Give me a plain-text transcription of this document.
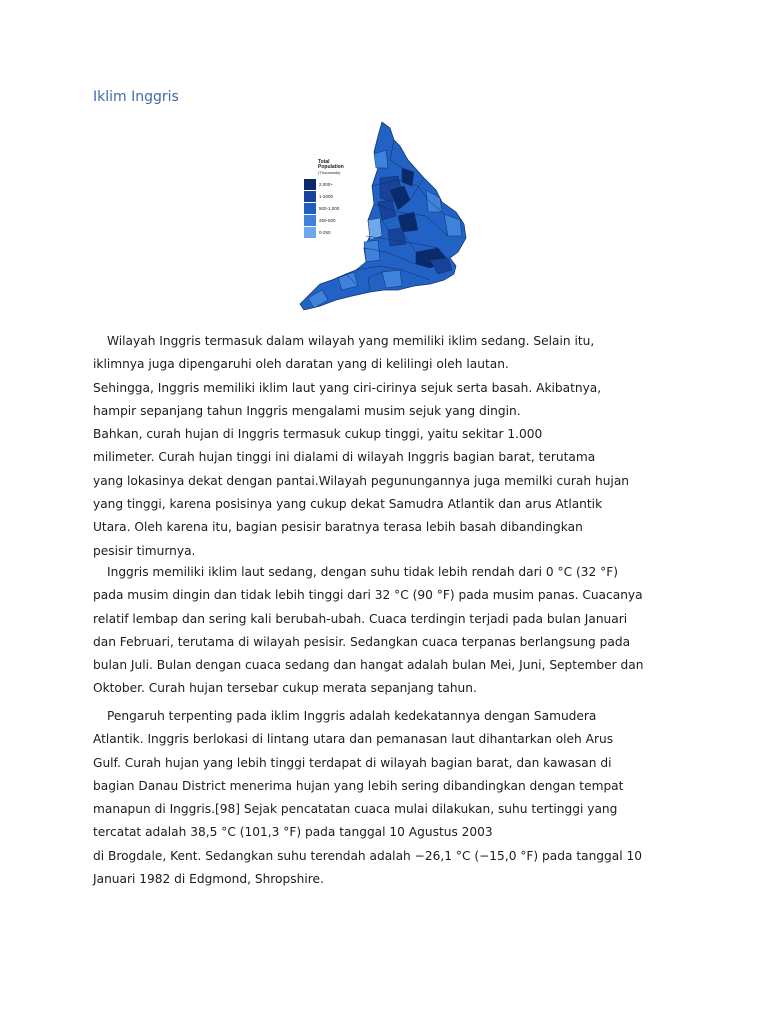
Iklim Inggris
Total Population
(Thousands)
2,000+
1-2000
500-1,000
250-500
0-250

Wilayah Inggris termasuk dalam wilayah yang memiliki iklim sedang. Selain itu,

iklimnya juga dipengaruhi oleh daratan yang di kelilingi oleh lautan.

Sehingga, Inggris memiliki iklim laut yang ciri-cirinya sejuk serta basah. Akibatnya,

hampir sepanjang tahun Inggris mengalami musim sejuk yang dingin.

Bahkan, curah hujan di Inggris termasuk cukup tinggi, yaitu sekitar 1.000

milimeter. Curah hujan tinggi ini dialami di wilayah Inggris bagian barat, terutama

yang lokasinya dekat dengan pantai.Wilayah pegunungannya juga memilki curah hujan

yang tinggi, karena posisinya yang cukup dekat Samudra Atlantik dan arus Atlantik

Utara. Oleh karena itu, bagian pesisir baratnya terasa lebih basah dibandingkan

pesisir timurnya.

Inggris memiliki iklim laut sedang, dengan suhu tidak lebih rendah dari 0 °C (32 °F)

pada musim dingin dan tidak lebih tinggi dari 32 °C (90 °F) pada musim panas. Cuacanya

relatif lembap dan sering kali berubah-ubah. Cuaca terdingin terjadi pada bulan Januari

dan Februari, terutama di wilayah pesisir. Sedangkan cuaca terpanas berlangsung pada

bulan Juli. Bulan dengan cuaca sedang dan hangat adalah bulan Mei, Juni, September dan

Oktober. Curah hujan tersebar cukup merata sepanjang tahun.

Pengaruh terpenting pada iklim Inggris adalah kedekatannya dengan Samudera

Atlantik. Inggris berlokasi di lintang utara dan pemanasan laut dihantarkan oleh Arus

Gulf. Curah hujan yang lebih tinggi terdapat di wilayah bagian barat, dan kawasan di

bagian Danau District menerima hujan yang lebih sering dibandingkan dengan tempat

manapun di Inggris.[98] Sejak pencatatan cuaca mulai dilakukan, suhu tertinggi yang

tercatat adalah 38,5 °C (101,3 °F) pada tanggal 10 Agustus 2003

di Brogdale, Kent. Sedangkan suhu terendah adalah −26,1 °C (−15,0 °F) pada tanggal 10

Januari 1982 di Edgmond, Shropshire.
